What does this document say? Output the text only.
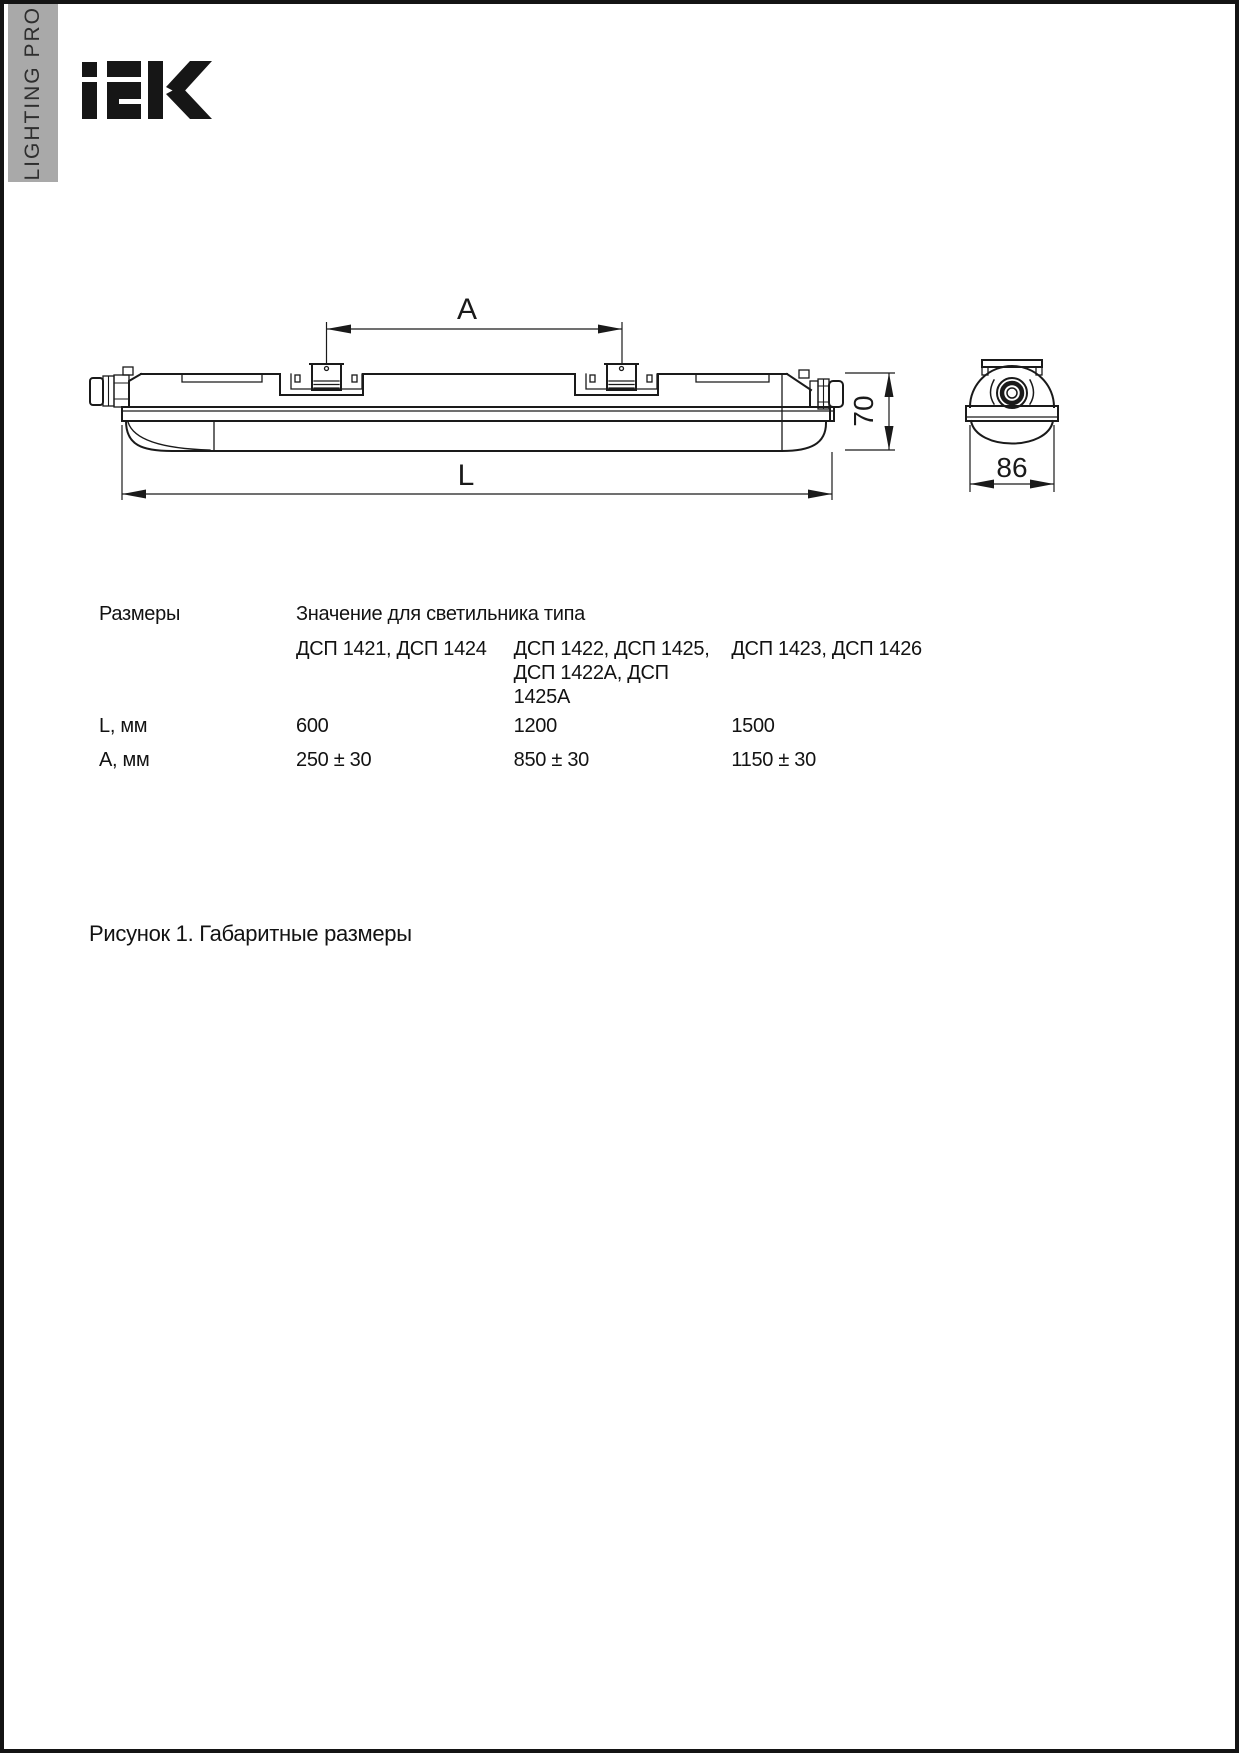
LIGHTING PRO
A
L
70
86
Размеры	Значение для светильника типа		
	ДСП 1421, ДСП 1424	ДСП 1422, ДСП 1425, ДСП 1422А, ДСП 1425А	ДСП 1423, ДСП 1426
L, мм	600	1200	1500
А, мм	250 ± 30	850 ± 30	1150 ± 30
Рисунок 1. Габаритные размеры
